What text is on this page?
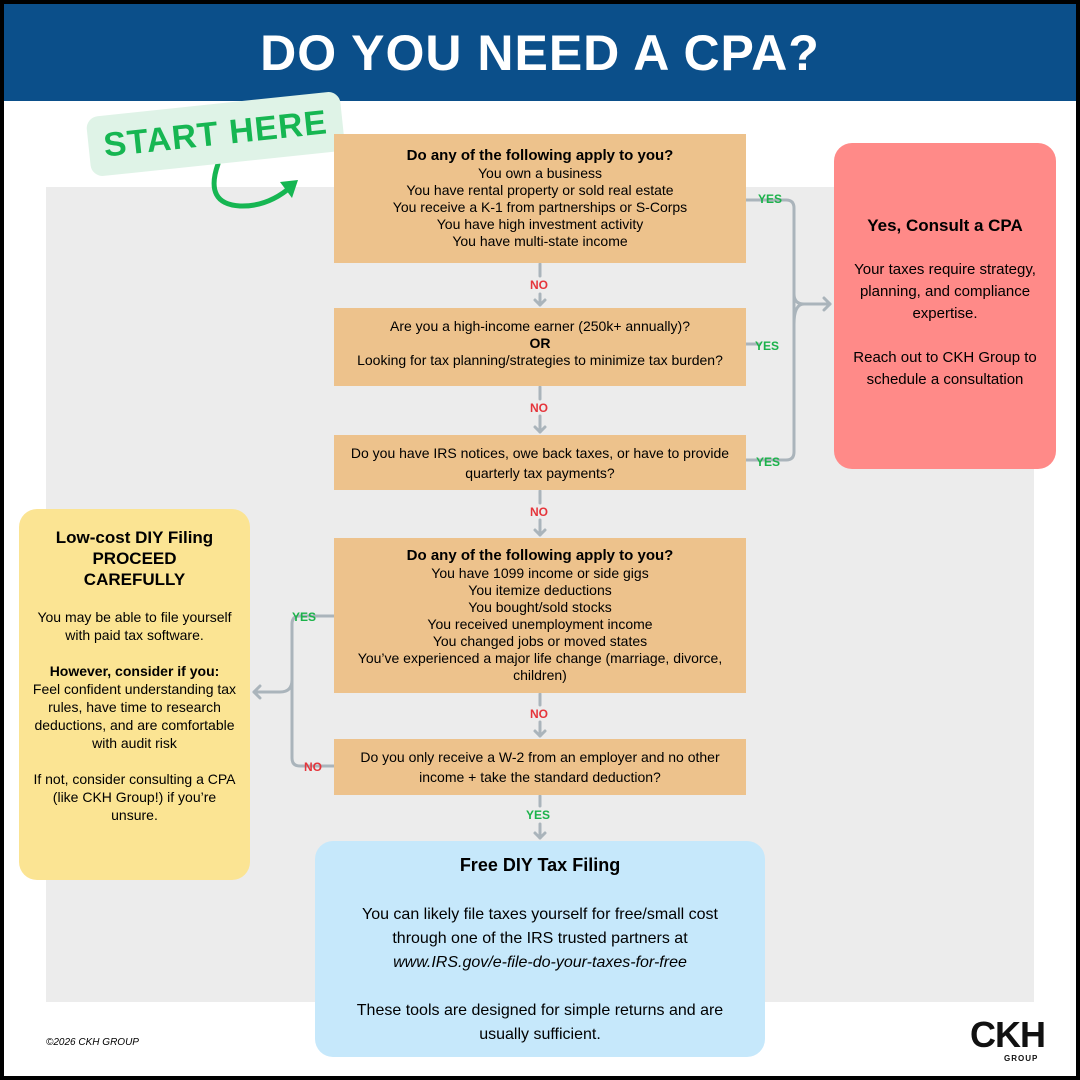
DO YOU NEED A CPA?
START HERE	Do any of the following apply to you?
You own a business
You have rental property or sold real estate
You receive a K-1 from partnerships or S-Corps
You have high investment activity
You have multi-state income
Are you a high-income earner (250k+ annually)?
OR
Looking for tax planning/strategies to minimize tax burden?
Do you have IRS notices, owe back taxes, or have to provide quarterly tax payments?
Do any of the following apply to you?
You have 1099 income or side gigs
You itemize deductions
You bought/sold stocks
You received unemployment income
You changed jobs or moved states
You’ve experienced a major life change (marriage, divorce, children)
Do you only receive a W-2 from an employer and no other income + take the standard deduction?
YES
YES
YES
NO
NO
NO
NO
YES
NO
YES
Yes, Consult a CPA

Your taxes require strategy, planning, and compliance expertise.

Reach out to CKH Group to schedule a consultation

Low-cost DIY Filing
PROCEED
CAREFULLY

You may be able to file yourself with paid tax software.

However, consider if you:

Feel confident understanding tax rules, have time to research deductions, and are comfortable with audit risk

If not, consider consulting a CPA (like CKH Group!) if you’re unsure.

Free DIY Tax Filing
You can likely file taxes yourself for free/small cost through one of the IRS trusted partners at

www.IRS.gov/e-file-do-your-taxes-for-free

These tools are designed for simple returns and are usually sufficient.

©2026 CKH GROUP	CKH
GROUP
